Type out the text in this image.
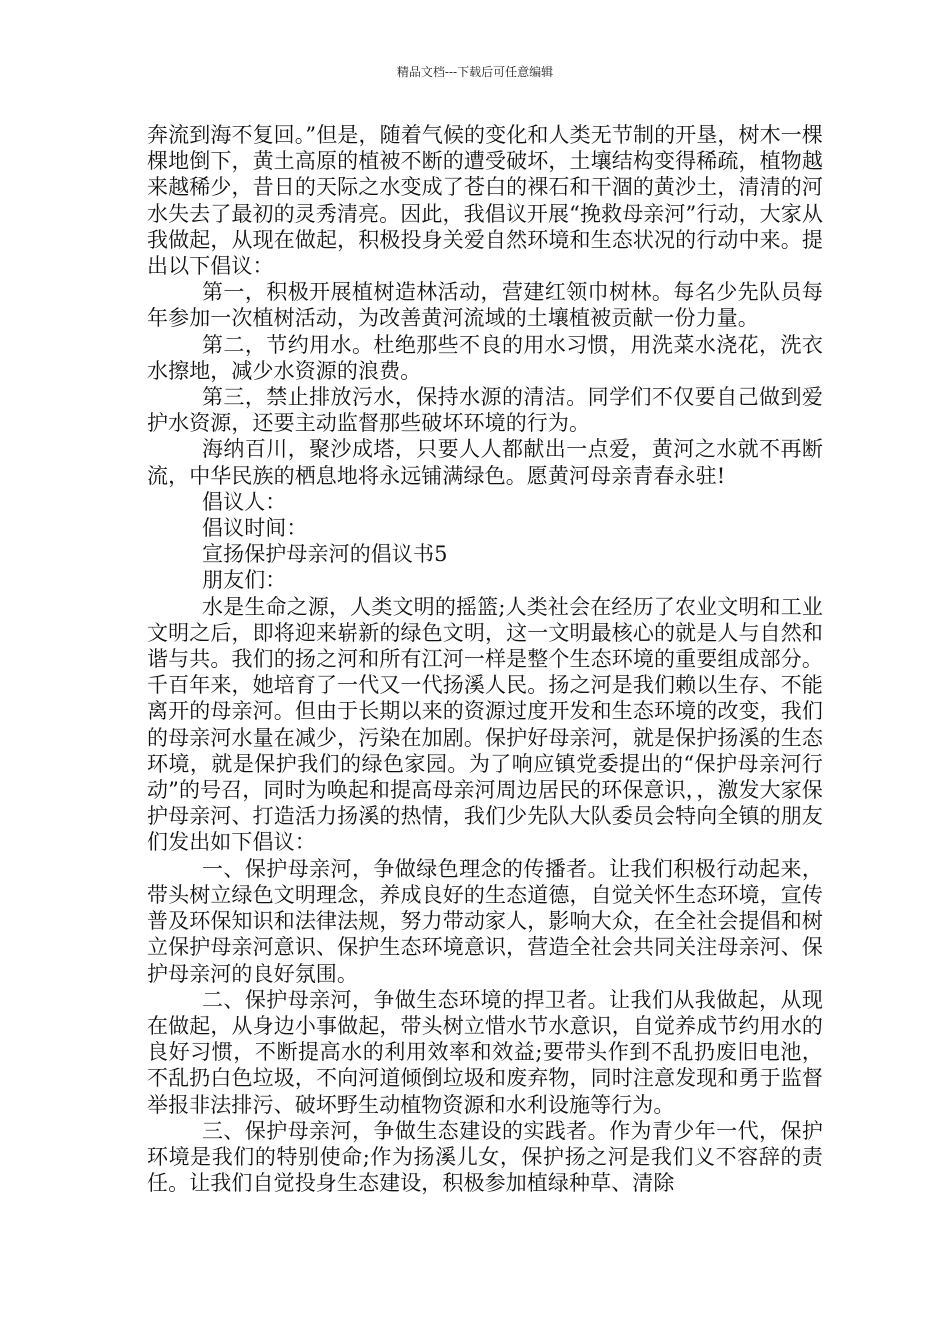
精品文档---下载后可任意编辑

奔流到海不复回。”但是，随着气候的变化和人类无节制的开垦，树木一棵棵地倒下，黄土高原的植被不断的遭受破坏，土壤结构变得稀疏，植物越来越稀少，昔日的天际之水变成了苍白的裸石和干涸的黄沙土，清清的河水失去了最初的灵秀清亮。因此，我倡议开展“挽救母亲河”行动，大家从我做起，从现在做起，积极投身关爱自然环境和生态状况的行动中来。提出以下倡议：

第一，积极开展植树造林活动，营建红领巾树林。每名少先队员每年参加一次植树活动，为改善黄河流域的土壤植被贡献一份力量。

第二，节约用水。杜绝那些不良的用水习惯，用洗菜水浇花，洗衣水擦地，减少水资源的浪费。

第三，禁止排放污水，保持水源的清洁。同学们不仅要自己做到爱护水资源，还要主动监督那些破坏环境的行为。

海纳百川，聚沙成塔，只要人人都献出一点爱，黄河之水就不再断流，中华民族的栖息地将永远铺满绿色。愿黄河母亲青春永驻!

倡议人：

倡议时间：

宣扬保护母亲河的倡议书5

朋友们：

水是生命之源，人类文明的摇篮;人类社会在经历了农业文明和工业文明之后，即将迎来崭新的绿色文明，这一文明最核心的就是人与自然和谐与共。我们的扬之河和所有江河一样是整个生态环境的重要组成部分。千百年来，她培育了一代又一代扬溪人民。扬之河是我们赖以生存、不能离开的母亲河。但由于长期以来的资源过度开发和生态环境的改变，我们的母亲河水量在减少，污染在加剧。保护好母亲河，就是保护扬溪的生态环境，就是保护我们的绿色家园。为了响应镇党委提出的“保护母亲河行动”的号召，同时为唤起和提高母亲河周边居民的环保意识，，激发大家保护母亲河、打造活力扬溪的热情，我们少先队大队委员会特向全镇的朋友们发出如下倡议：

一、保护母亲河，争做绿色理念的传播者。让我们积极行动起来，带头树立绿色文明理念，养成良好的生态道德，自觉关怀生态环境，宣传普及环保知识和法律法规，努力带动家人，影响大众，在全社会提倡和树立保护母亲河意识、保护生态环境意识，营造全社会共同关注母亲河、保护母亲河的良好氛围。

二、保护母亲河，争做生态环境的捍卫者。让我们从我做起，从现在做起，从身边小事做起，带头树立惜水节水意识，自觉养成节约用水的良好习惯，不断提高水的利用效率和效益;要带头作到不乱扔废旧电池，不乱扔白色垃圾，不向河道倾倒垃圾和废弃物，同时注意发现和勇于监督举报非法排污、破坏野生动植物资源和水利设施等行为。

三、保护母亲河，争做生态建设的实践者。作为青少年一代，保护环境是我们的特别使命;作为扬溪儿女，保护扬之河是我们义不容辞的责任。让我们自觉投身生态建设，积极参加植绿种草、清除
